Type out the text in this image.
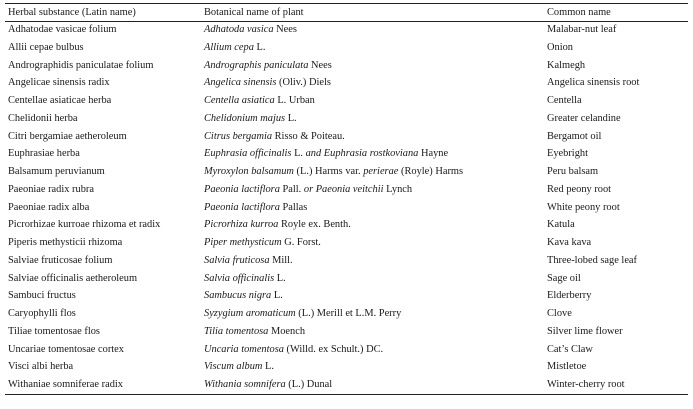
Herbal substance (Latin name)	Botanical name of plant	Common name
Adhatodae vasicae folium	Adhatoda vasica Nees	Malabar-nut leaf
Allii cepae bulbus	Allium cepa L.	Onion
Andrographidis paniculatae folium	Andrographis paniculata Nees	Kalmegh
Angelicae sinensis radix	Angelica sinensis (Oliv.) Diels	Angelica sinensis root
Centellae asiaticae herba	Centella asiatica L. Urban	Centella
Chelidonii herba	Chelidonium majus L.	Greater celandine
Citri bergamiae aetheroleum	Citrus bergamia Risso & Poiteau.	Bergamot oil
Euphrasiae herba	Euphrasia officinalis L. and Euphrasia rostkoviana Hayne	Eyebright
Balsamum peruvianum	Myroxylon balsamum (L.) Harms var. perierae (Royle) Harms	Peru balsam
Paeoniae radix rubra	Paeonia lactiflora Pall. or Paeonia veitchii Lynch	Red peony root
Paeoniae radix alba	Paeonia lactiflora Pallas	White peony root
Picrorhizae kurroae rhizoma et radix	Picrorhiza kurroa Royle ex. Benth.	Katula
Piperis methysticii rhizoma	Piper methysticum G. Forst.	Kava kava
Salviae fruticosae folium	Salvia fruticosa Mill.	Three-lobed sage leaf
Salviae officinalis aetheroleum	Salvia officinalis L.	Sage oil
Sambuci fructus	Sambucus nigra L.	Elderberry
Caryophylli flos	Syzygium aromaticum (L.) Merill et L.M. Perry	Clove
Tiliae tomentosae flos	Tilia tomentosa Moench	Silver lime flower
Uncariae tomentosae cortex	Uncaria tomentosa (Willd. ex Schult.) DC.	Cat’s Claw
Visci albi herba	Viscum album L.	Mistletoe
Withaniae somniferae radix	Withania somnifera (L.) Dunal	Winter-cherry root
